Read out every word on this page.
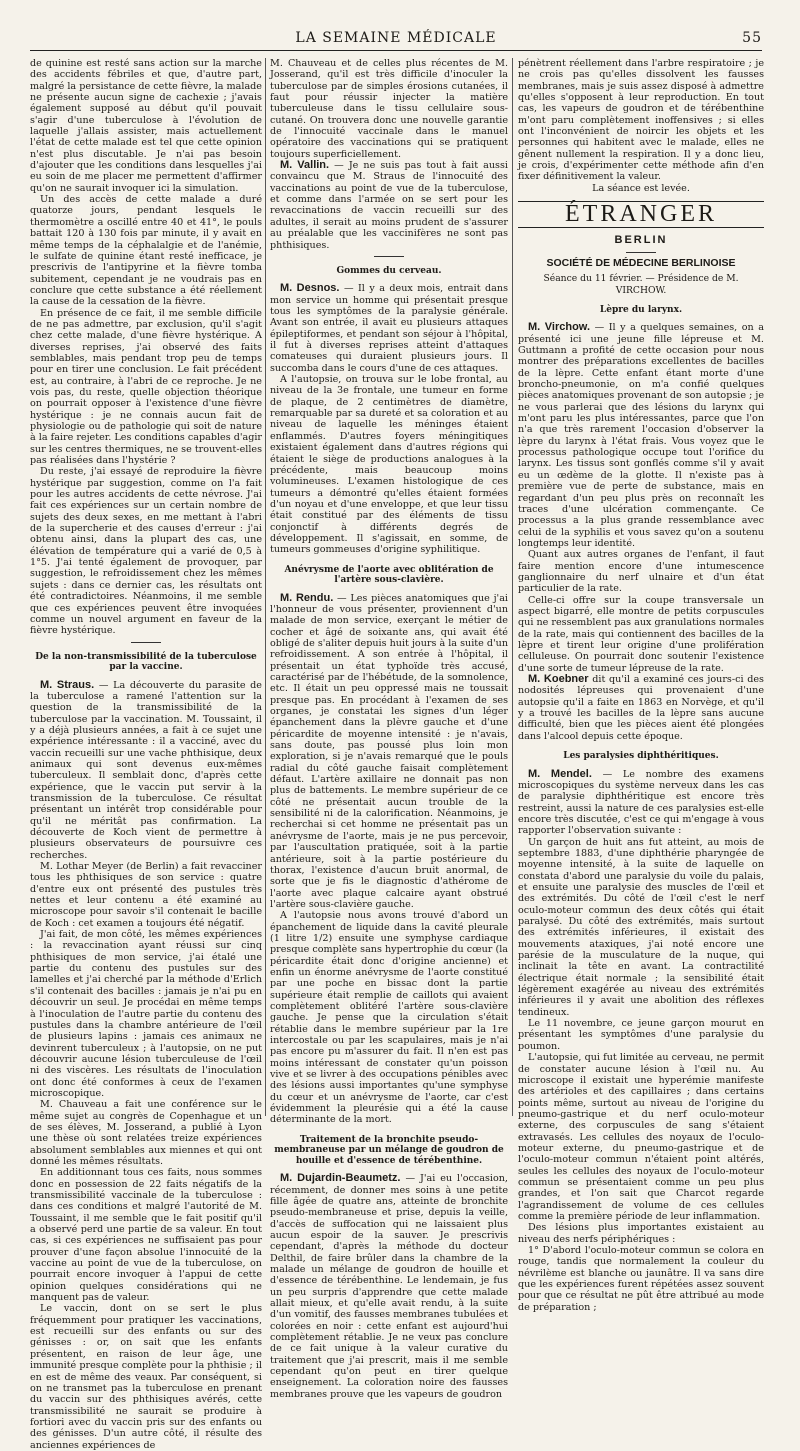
LA SEMAINE MÉDICALE	55

de quinine est resté sans action sur la marche des accidents fébriles et que, d'autre part, malgré la persistance de cette fièvre, la malade ne présente aucun signe de cachexie ; j'avais également supposé au début qu'il pouvait s'agir d'une tuberculose à l'évolution de laquelle j'allais assister, mais actuellement l'état de cette malade est tel que cette opinion n'est plus discutable. Je n'ai pas besoin d'ajouter que les conditions dans lesquelles j'ai eu soin de me placer me permettent d'affirmer qu'on ne saurait invoquer ici la simulation.

Un des accès de cette malade a duré quatorze jours, pendant lesquels le thermomètre a oscillé entre 40 et 41°, le pouls battait 120 à 130 fois par minute, il y avait en même temps de la céphalalgie et de l'anémie, le sulfate de quinine étant resté inefficace, je prescrivis de l'antipyrine et la fièvre tomba subitement, cependant je ne voudrais pas en conclure que cette substance a été réellement la cause de la cessation de la fièvre.

En présence de ce fait, il me semble difficile de ne pas admettre, par exclusion, qu'il s'agit chez cette malade, d'une fièvre hystérique. A diverses reprises, j'ai observé des faits semblables, mais pendant trop peu de temps pour en tirer une conclusion. Le fait précédent est, au contraire, à l'abri de ce reproche. Je ne vois pas, du reste, quelle objection théorique on pourrait opposer à l'existence d'une fièvre hystérique : je ne connais aucun fait de physiologie ou de pathologie qui soit de nature à la faire rejeter. Les conditions capables d'agir sur les centres thermiques, ne se trouvent-elles pas réalisées dans l'hystérie ?

Du reste, j'ai essayé de reproduire la fièvre hystérique par suggestion, comme on l'a fait pour les autres accidents de cette névrose. J'ai fait ces expériences sur un certain nombre de sujets des deux sexes, en me mettant à l'abri de la supercherie et des causes d'erreur : j'ai obtenu ainsi, dans la plupart des cas, une élévation de température qui a varié de 0,5 à 1°5. J'ai tenté également de provoquer, par suggestion, le refroidissement chez les mêmes sujets : dans ce dernier cas, les résultats ont été contradictoires. Néanmoins, il me semble que ces expériences peuvent être invoquées comme un nouvel argument en faveur de la fièvre hystérique.

De la non-transmissibilité de la tuberculose par la vaccine.

M. Straus. — La découverte du parasite de la tuberculose a ramené l'attention sur la question de la transmissibilité de la tuberculose par la vaccination. M. Toussaint, il y a déjà plusieurs années, a fait à ce sujet une expérience intéressante : il a vacciné, avec du vaccin recueilli sur une vache phthisique, deux animaux qui sont devenus eux-mêmes tuberculeux. Il semblait donc, d'après cette expérience, que le vaccin put servir à la transmission de la tuberculose. Ce résultat présentant un intérêt trop considérable pour qu'il ne méritât pas confirmation. La découverte de Koch vient de permettre à plusieurs observateurs de poursuivre ces recherches.

M. Lothar Meyer (de Berlin) a fait revacciner tous les phthisiques de son service : quatre d'entre eux ont présenté des pustules très nettes et leur contenu a été examiné au microscope pour savoir s'il contenait le bacille de Koch : cet examen a toujours été négatif.

J'ai fait, de mon côté, les mêmes expériences : la revaccination ayant réussi sur cinq phthisiques de mon service, j'ai étalé une partie du contenu des pustules sur des lamelles et j'ai cherché par la méthode d'Erlich s'il contenait des bacilles : jamais je n'ai pu en découvrir un seul. Je procédai en même temps à l'inoculation de l'autre partie du contenu des pustules dans la chambre antérieure de l'œil de plusieurs lapins : jamais ces animaux ne devinrent tuberculeux ; à l'autopsie, on ne put découvrir aucune lésion tuberculeuse de l'œil ni des viscères. Les résultats de l'inoculation ont donc été conformes à ceux de l'examen microscopique.

M. Chauveau a fait une conférence sur le même sujet au congrès de Copenhague et un de ses élèves, M. Josserand, a publié à Lyon une thèse où sont relatées treize expériences absolument semblables aux miennes et qui ont donné les mêmes résultats.

En additionnant tous ces faits, nous sommes donc en possession de 22 faits négatifs de la transmissibilité vaccinale de la tuberculose : dans ces conditions et malgré l'autorité de M. Toussaint, il me semble que le fait positif qu'il a observé perd une partie de sa valeur. En tout cas, si ces expériences ne suffisaient pas pour prouver d'une façon absolue l'innocuité de la vaccine au point de vue de la tuberculose, on pourrait encore invoquer à l'appui de cette opinion quelques considérations qui ne manquent pas de valeur.

Le vaccin, dont on se sert le plus fréquemment pour pratiquer les vaccinations, est recueilli sur des enfants ou sur des génisses : or, on sait que les enfants présentent, en raison de leur âge, une immunité presque complète pour la phthisie ; il en est de même des veaux. Par conséquent, si on ne transmet pas la tuberculose en prenant du vaccin sur des phthisiques avérés, cette transmissibilité ne saurait se produire à fortiori avec du vaccin pris sur des enfants ou des génisses. D'un autre côté, il résulte des anciennes expériences de

M. Chauveau et de celles plus récentes de M. Josserand, qu'il est très difficile d'inoculer la tuberculose par de simples érosions cutanées, il faut pour réussir injecter la matière tuberculeuse dans le tissu cellulaire sous-cutané. On trouvera donc une nouvelle garantie de l'innocuité vaccinale dans le manuel opératoire des vaccinations qui se pratiquent toujours superficiellement.

M. Vallin. — Je ne suis pas tout à fait aussi convaincu que M. Straus de l'innocuité des vaccinations au point de vue de la tuberculose, et comme dans l'armée on se sert pour les revaccinations de vaccin recueilli sur des adultes, il serait au moins prudent de s'assurer au préalable que les vaccinifères ne sont pas phthisiques.

Gommes du cerveau.

M. Desnos. — Il y a deux mois, entrait dans mon service un homme qui présentait presque tous les symptômes de la paralysie générale. Avant son entrée, il avait eu plusieurs attaques épileptiformes, et pendant son séjour à l'hôpital, il fut à diverses reprises atteint d'attaques comateuses qui duraient plusieurs jours. Il succomba dans le cours d'une de ces attaques.

A l'autopsie, on trouva sur le lobe frontal, au niveau de la 3e frontale, une tumeur en forme de plaque, de 2 centimètres de diamètre, remarquable par sa dureté et sa coloration et au niveau de laquelle les méninges étaient enflammés. D'autres foyers méningitiques existaient également dans d'autres régions qui étaient le siège de productions analogues à la précédente, mais beaucoup moins volumineuses. L'examen histologique de ces tumeurs a démontré qu'elles étaient formées d'un noyau et d'une enveloppe, et que leur tissu était constitué par des éléments de tissu conjonctif à différents degrés de développement. Il s'agissait, en somme, de tumeurs gommeuses d'origine syphilitique.

Anévrysme de l'aorte avec oblitération de l'artère sous-clavière.

M. Rendu. — Les pièces anatomiques que j'ai l'honneur de vous présenter, proviennent d'un malade de mon service, exerçant le métier de cocher et âgé de soixante ans, qui avait été obligé de s'aliter depuis huit jours à la suite d'un refroidissement. A son entrée à l'hôpital, il présentait un état typhoïde très accusé, caractérisé par de l'hébétude, de la somnolence, etc. Il était un peu oppressé mais ne toussait presque pas. En procédant à l'examen de ses organes, je constatai les signes d'un léger épanchement dans la plèvre gauche et d'une péricardite de moyenne intensité : je n'avais, sans doute, pas poussé plus loin mon exploration, si je n'avais remarqué que le pouls radial du côté gauche faisait complètement défaut. L'artère axillaire ne donnait pas non plus de battements. Le membre supérieur de ce côté ne présentait aucun trouble de la sensibilité ni de la calorification. Néanmoins, je recherchai si cet homme ne présentait pas un anévrysme de l'aorte, mais je ne pus percevoir, par l'auscultation pratiquée, soit à la partie antérieure, soit à la partie postérieure du thorax, l'existence d'aucun bruit anormal, de sorte que je fis le diagnostic d'athérome de l'aorte avec plaque calcaire ayant obstrué l'artère sous-clavière gauche.

A l'autopsie nous avons trouvé d'abord un épanchement de liquide dans la cavité pleurale (1 litre 1/2) ensuite une symphyse cardiaque presque complète sans hypertrophie du cœur (la péricardite était donc d'origine ancienne) et enfin un énorme anévrysme de l'aorte constitué par une poche en bissac dont la partie supérieure était remplie de caillots qui avaient complètement oblitéré l'artère sous-clavière gauche. Je pense que la circulation s'était rétablie dans le membre supérieur par la 1re intercostale ou par les scapulaires, mais je n'ai pas encore pu m'assurer du fait. Il n'en est pas moins intéressant de constater qu'un poisson vive et se livrer à des occupations pénibles avec des lésions aussi importantes qu'une symphyse du cœur et un anévrysme de l'aorte, car c'est évidemment la pleurésie qui a été la cause déterminante de la mort.

Traitement de la bronchite pseudo-membraneuse par un mélange de goudron de houille et d'essence de térébenthine.

M. Dujardin-Beaumetz. — J'ai eu l'occasion, récemment, de donner mes soins à une petite fille âgée de quatre ans, atteinte de bronchite pseudo-membraneuse et prise, depuis la veille, d'accès de suffocation qui ne laissaient plus aucun espoir de la sauver. Je prescrivis cependant, d'après la méthode du docteur Delthil, de faire brûler dans la chambre de la malade un mélange de goudron de houille et d'essence de térébenthine. Le lendemain, je fus un peu surpris d'apprendre que cette malade allait mieux, et qu'elle avait rendu, à la suite d'un vomitif, des fausses membranes tubulées et colorées en noir : cette enfant est aujourd'hui complètement rétablie. Je ne veux pas conclure de ce fait unique à la valeur curative du traitement que j'ai prescrit, mais il me semble cependant qu'on peut en tirer quelque enseignement. La coloration noire des fausses membranes prouve que les vapeurs de goudron

pénètrent réellement dans l'arbre respiratoire ; je ne crois pas qu'elles dissolvent les fausses membranes, mais je suis assez disposé à admettre qu'elles s'opposent à leur reproduction. En tout cas, les vapeurs de goudron et de térébenthine m'ont paru complètement inoffensives ; si elles ont l'inconvénient de noircir les objets et les personnes qui habitent avec le malade, elles ne gênent nullement la respiration. Il y a donc lieu, je crois, d'expérimenter cette méthode afin d'en fixer définitivement la valeur.

La séance est levée.

ÉTRANGER
BERLIN
SOCIÉTÉ DE MÉDECINE BERLINOISE
Séance du 11 février. — Présidence de M. VIRCHOW.
Lèpre du larynx.

M. Virchow. — Il y a quelques semaines, on a présenté ici une jeune fille lépreuse et M. Guttmann a profité de cette occasion pour nous montrer des préparations excellentes de bacilles de la lèpre. Cette enfant étant morte d'une broncho-pneumonie, on m'a confié quelques pièces anatomiques provenant de son autopsie ; je ne vous parlerai que des lésions du larynx qui m'ont paru les plus intéressantes, parce que l'on n'a que très rarement l'occasion d'observer la lèpre du larynx à l'état frais. Vous voyez que le processus pathologique occupe tout l'orifice du larynx. Les tissus sont gonflés comme s'il y avait eu un œdème de la glotte. Il n'existe pas à première vue de perte de substance, mais en regardant d'un peu plus près on reconnaît les traces d'une ulcération commençante. Ce processus a la plus grande ressemblance avec celui de la syphilis et vous savez qu'on a soutenu longtemps leur identité.

Quant aux autres organes de l'enfant, il faut faire mention encore d'une intumescence ganglionnaire du nerf ulnaire et d'un état particulier de la rate.

Celle-ci offre sur la coupe transversale un aspect bigarré, elle montre de petits corpuscules qui ne ressemblent pas aux granulations normales de la rate, mais qui contiennent des bacilles de la lèpre et tirent leur origine d'une prolifération celluleuse. On pourrait donc soutenir l'existence d'une sorte de tumeur lépreuse de la rate.

M. Koebner dit qu'il a examiné ces jours-ci des nodosités lépreuses qui provenaient d'une autopsie qu'il a faite en 1863 en Norvège, et qu'il y a trouvé les bacilles de la lèpre sans aucune difficulté, bien que les pièces aient été plongées dans l'alcool depuis cette époque.

Les paralysies diphthéritiques.

M. Mendel. — Le nombre des examens microscopiques du système nerveux dans les cas de paralysie diphthéritique est encore très restreint, aussi la nature de ces paralysies est-elle encore très discutée, c'est ce qui m'engage à vous rapporter l'observation suivante :

Un garçon de huit ans fut atteint, au mois de septembre 1883, d'une diphthérie pharyngée de moyenne intensité, à la suite de laquelle on constata d'abord une paralysie du voile du palais, et ensuite une paralysie des muscles de l'œil et des extrémités. Du côté de l'œil c'est le nerf oculo-moteur commun des deux côtés qui était paralysé. Du côté des extrémités, mais surtout des extrémités inférieures, il existait des mouvements ataxiques, j'ai noté encore une parésie de la musculature de la nuque, qui inclinait la tête en avant. La contractilité électrique était normale ; la sensibilité était légèrement exagérée au niveau des extrémités inférieures il y avait une abolition des réflexes tendineux.

Le 11 novembre, ce jeune garçon mourut en présentant les symptômes d'une paralysie du poumon.

L'autopsie, qui fut limitée au cerveau, ne permit de constater aucune lésion à l'œil nu. Au microscope il existait une hyperémie manifeste des artérioles et des capillaires ; dans certains points même, surtout au niveau de l'origine du pneumo-gastrique et du nerf oculo-moteur externe, des corpuscules de sang s'étaient extravasés. Les cellules des noyaux de l'oculo-moteur externe, du pneumo-gastrique et de l'oculo-moteur commun n'étaient point altérés, seules les cellules des noyaux de l'oculo-moteur commun se présentaient comme un peu plus grandes, et l'on sait que Charcot regarde l'agrandissement de volume de ces cellules comme la première période de leur inflammation.

Des lésions plus importantes existaient au niveau des nerfs périphériques :

1° D'abord l'oculo-moteur commun se colora en rouge, tandis que normalement la couleur du névrilème est blanche ou jaunâtre. Il va sans dire que les expériences furent répétées assez souvent pour que ce résultat ne pût être attribué au mode de préparation ;
